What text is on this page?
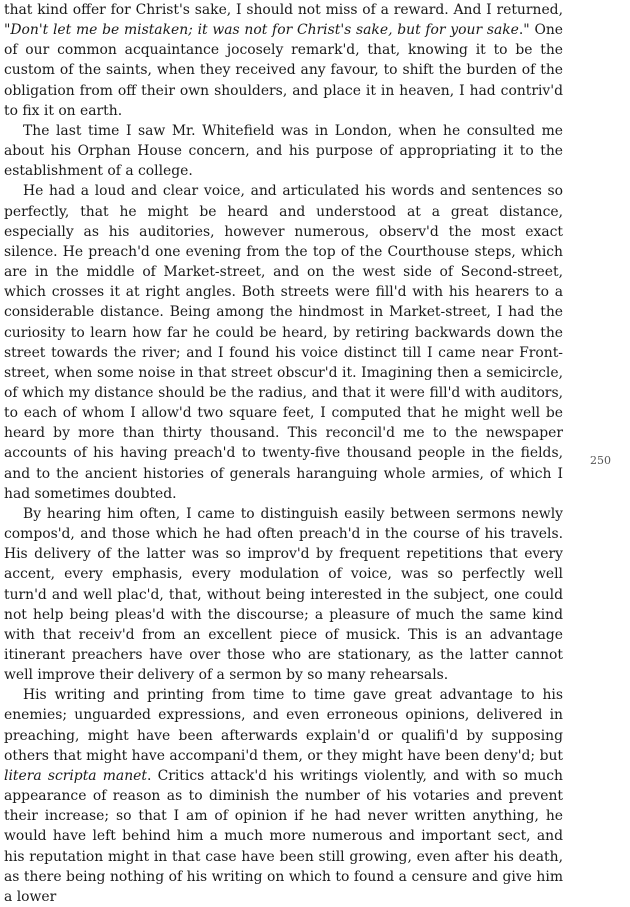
that kind offer for Christ's sake, I should not miss of a reward. And I returned, "Don't let me be mistaken; it was not for Christ's sake, but for your sake." One of our common acquaintance jocosely remark'd, that, knowing it to be the custom of the saints, when they received any favour, to shift the burden of the obligation from off their own shoulders, and place it in heaven, I had contriv'd to fix it on earth.

The last time I saw Mr. Whitefield was in London, when he consulted me about his Orphan House concern, and his purpose of appropriating it to the establishment of a college.

He had a loud and clear voice, and articulated his words and sentences so perfectly, that he might be heard and understood at a great distance, especially as his auditories, however numerous, observ'd the most exact silence. He preach'd one evening from the top of the Courthouse steps, which are in the middle of Market-street, and on the west side of Second-street, which crosses it at right angles. Both streets were fill'd with his hearers to a considerable distance. Being among the hindmost in Market-street, I had the curiosity to learn how far he could be heard, by retiring backwards down the street towards the river; and I found his voice distinct till I came near Front-street, when some noise in that street obscur'd it. Imagining then a semicircle, of which my distance should be the radius, and that it were fill'd with auditors, to each of whom I allow'd two square feet, I computed that he might well be heard by more than thirty thousand. This reconcil'd me to the newspaper accounts of his having preach'd to twenty-five thousand people in the fields, and to the ancient histories of generals haranguing whole armies, of which I had sometimes doubted.

By hearing him often, I came to distinguish easily between sermons newly compos'd, and those which he had often preach'd in the course of his travels. His delivery of the latter was so improv'd by frequent repetitions that every accent, every emphasis, every modulation of voice, was so perfectly well turn'd and well plac'd, that, without being interested in the subject, one could not help being pleas'd with the discourse; a pleasure of much the same kind with that receiv'd from an excellent piece of musick. This is an advantage itinerant preachers have over those who are stationary, as the latter cannot well improve their delivery of a sermon by so many rehearsals.

His writing and printing from time to time gave great advantage to his enemies; unguarded expressions, and even erroneous opinions, delivered in preaching, might have been afterwards explain'd or qualifi'd by supposing others that might have accompani'd them, or they might have been deny'd; but litera scripta manet. Critics attack'd his writings violently, and with so much appearance of reason as to diminish the number of his votaries and prevent their increase; so that I am of opinion if he had never written anything, he would have left behind him a much more numerous and important sect, and his reputation might in that case have been still growing, even after his death, as there being nothing of his writing on which to found a censure and give him a lower

250
